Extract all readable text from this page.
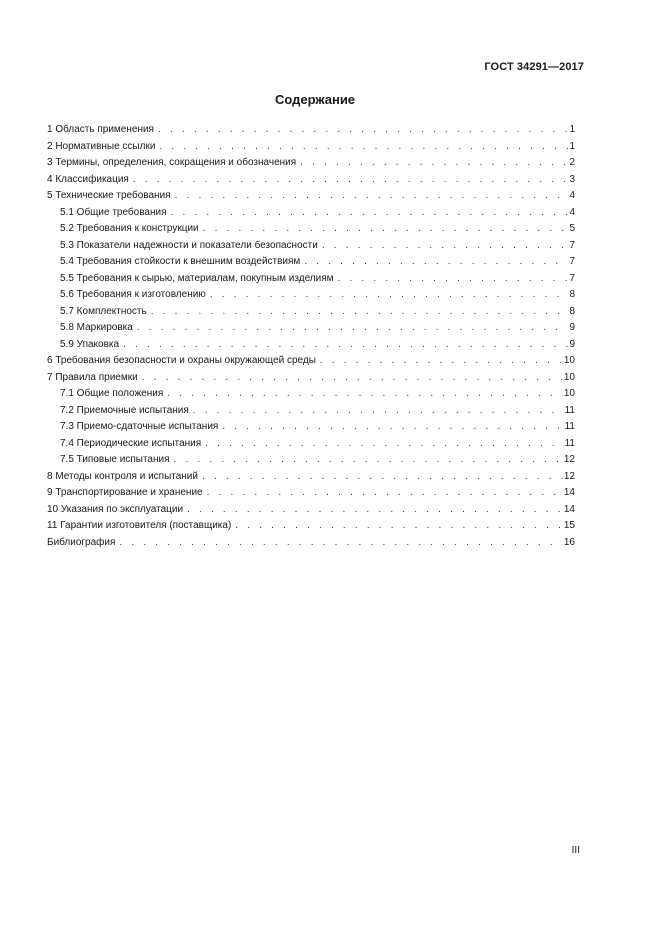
ГОСТ 34291—2017
Содержание
1 Область применения . . .	1
2 Нормативные ссылки . . .	1
3 Термины, определения, сокращения и обозначения . . .	2
4 Классификация . . .	3
5 Технические требования . . .	4
5.1 Общие требования . . .	4
5.2 Требования к конструкции . . .	5
5.3 Показатели надежности и показатели безопасности . . .	7
5.4 Требования стойкости к внешним воздействиям . . .	7
5.5 Требования к сырью, материалам, покупным изделиям . . .	7
5.6 Требования к изготовлению . . .	8
5.7 Комплектность . . .	8
5.8 Маркировка . . .	9
5.9 Упаковка . . .	9
6 Требования безопасности и охраны окружающей среды . . .	10
7 Правила приемки . . .	10
7.1 Общие положения . . .	10
7.2 Приемочные испытания . . .	11
7.3 Приемо-сдаточные испытания . . .	11
7.4 Периодические испытания . . .	11
7.5 Типовые испытания . . .	12
8 Методы контроля и испытаний . . .	12
9 Транспортирование и хранение . . .	14
10 Указания по эксплуатации . . .	14
11 Гарантии изготовителя (поставщика) . . .	15
Библиография . . .	16
III
